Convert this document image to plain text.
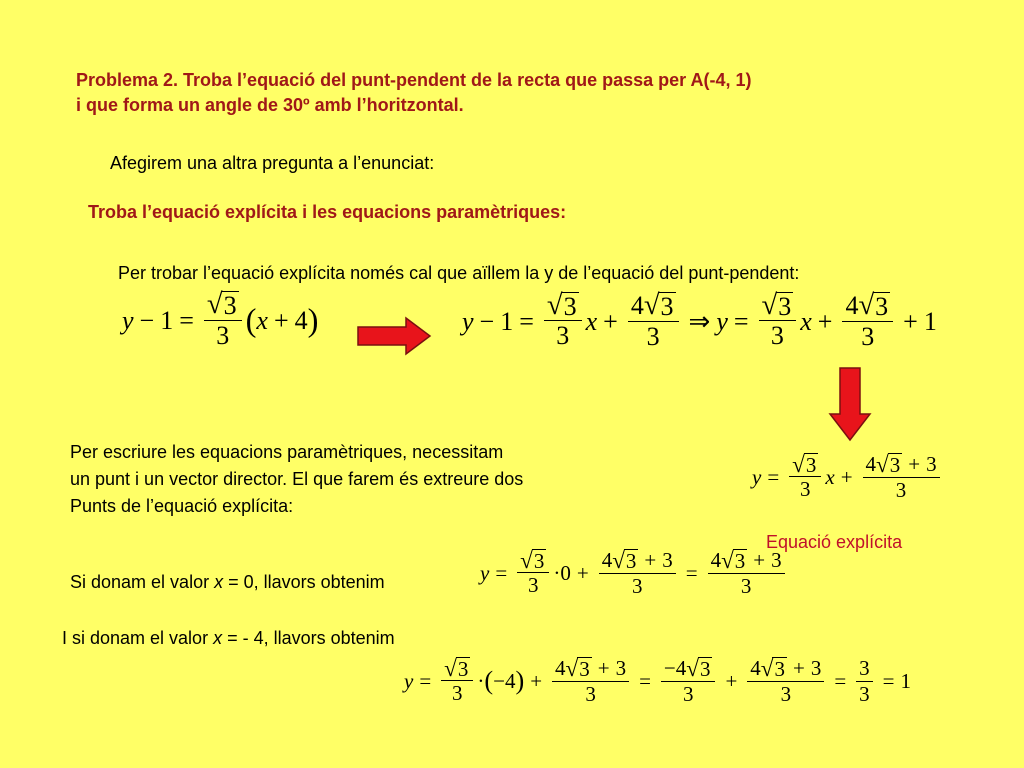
Problema 2. Troba l’equació del punt-pendent de la recta que passa per A(-4, 1)
i que forma un angle de 30º amb l’horitzontal.
Afegirem una altra pregunta a l’enunciat:
Troba l’equació explícita i les equacions paramètriques:
Per trobar l’equació explícita només cal que aïllem la y de l’equació del punt-pendent:
$y - 1 = \frac{√ 3}{3}$ ( x + 4 )	$y - 1 = \frac{√ 3}{3}$ $x + \frac{4 √ 3}{3}$ ⇒ $y = \frac{√ 3}{3}$ $x + \frac{4 √ 3}{3} + 1$
Per escriure les equacions paramètriques, necessitam
un punt i un vector director. El que farem és extreure dos
Punts de l’equació explícita:
$y = \frac{√ 3}{3}$ $x + \frac{4 √ 3 + 3}{3}$
Equació explícita
Si donam el valor x = 0, llavors obtenim	$y = \frac{√ 3}{3} \cdot 0 + \frac{4 √ 3 + 3}{3} = \frac{4 √ 3 + 3}{3}$
I si donam el valor x = - 4, llavors obtenim
$y = \frac{√ 3}{3}$ · ( − 4 ) + $\frac{4 √ 3 + 3}{3} = \frac{- 4 √ 3}{3} + \frac{4 √ 3 + 3}{3} = \frac{3}{3} = 1$
